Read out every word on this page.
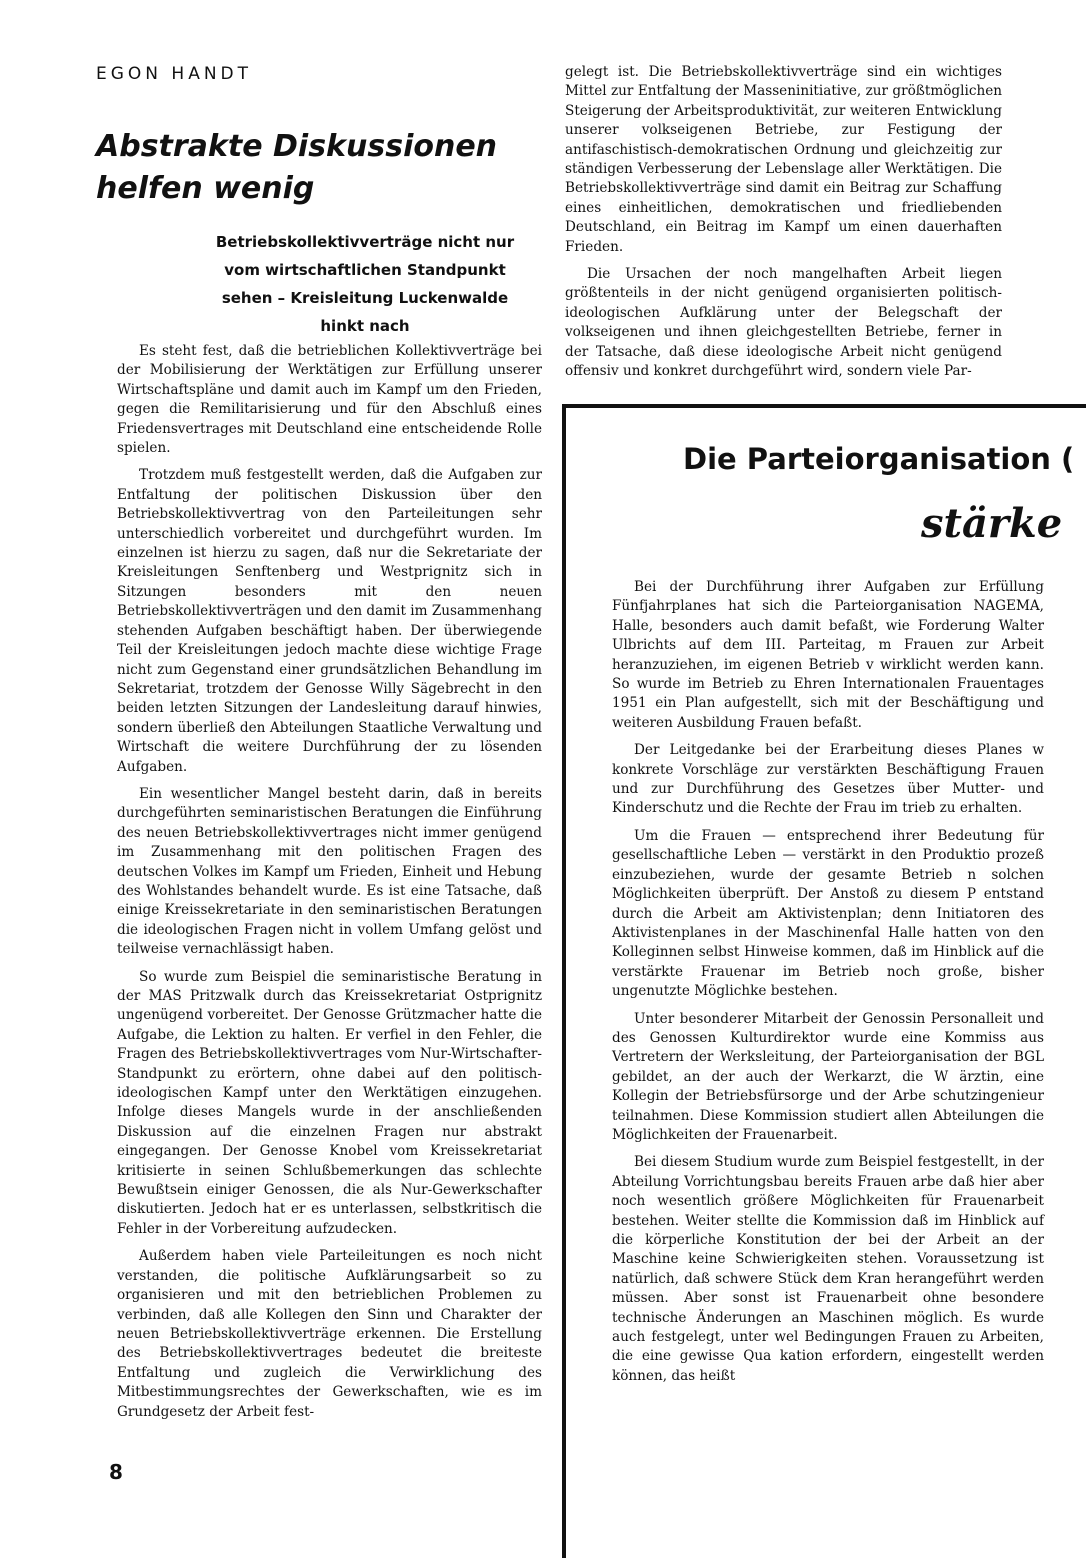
EGON HANDT
Abstrakte Diskussionen helfen wenig
Betriebskollektivverträge nicht nur vom wirtschaftlichen Standpunkt sehen – Kreisleitung Luckenwalde hinkt nach

Es steht fest, daß die betrieblichen Kollektivverträge bei der Mobilisierung der Werktätigen zur Erfüllung unserer Wirtschaftspläne und damit auch im Kampf um den Frieden, gegen die Remilitarisierung und für den Abschluß eines Friedensvertrages mit Deutschland eine entscheidende Rolle spielen.

Trotzdem muß festgestellt werden, daß die Aufgaben zur Entfaltung der politischen Diskussion über den Betriebskollektivvertrag von den Parteileitungen sehr unterschiedlich vorbereitet und durchgeführt wurden. Im einzelnen ist hierzu zu sagen, daß nur die Sekretariate der Kreisleitungen Senftenberg und Westprignitz sich in Sitzungen besonders mit den neuen Betriebskollektivverträgen und den damit im Zusammenhang stehenden Aufgaben beschäftigt haben. Der überwiegende Teil der Kreisleitungen jedoch machte diese wichtige Frage nicht zum Gegenstand einer grundsätzlichen Behandlung im Sekretariat, trotzdem der Genosse Willy Sägebrecht in den beiden letzten Sitzungen der Landesleitung darauf hinwies, sondern überließ den Abteilungen Staatliche Verwaltung und Wirtschaft die weitere Durchführung der zu lösenden Aufgaben.

Ein wesentlicher Mangel besteht darin, daß in bereits durchgeführten seminaristischen Beratungen die Einführung des neuen Betriebskollektivvertrages nicht immer genügend im Zusammenhang mit den politischen Fragen des deutschen Volkes im Kampf um Frieden, Einheit und Hebung des Wohlstandes behandelt wurde. Es ist eine Tatsache, daß einige Kreissekretariate in den seminaristischen Beratungen die ideologischen Fragen nicht in vollem Umfang gelöst und teilweise vernachlässigt haben.

So wurde zum Beispiel die seminaristische Beratung in der MAS Pritzwalk durch das Kreissekretariat Ostprignitz ungenügend vorbereitet. Der Genosse Grützmacher hatte die Aufgabe, die Lektion zu halten. Er verfiel in den Fehler, die Fragen des Betriebskollektivvertrages vom Nur-Wirtschafter-Standpunkt zu erörtern, ohne dabei auf den politisch-ideologischen Kampf unter den Werktätigen einzugehen. Infolge dieses Mangels wurde in der anschließenden Diskussion auf die einzelnen Fragen nur abstrakt eingegangen. Der Genosse Knobel vom Kreissekretariat kritisierte in seinen Schlußbemerkungen das schlechte Bewußtsein einiger Genossen, die als Nur-Gewerkschafter diskutierten. Jedoch hat er es unterlassen, selbstkritisch die Fehler in der Vorbereitung aufzudecken.

Außerdem haben viele Parteileitungen es noch nicht verstanden, die politische Aufklärungsarbeit so zu organisieren und mit den betrieblichen Problemen zu verbinden, daß alle Kollegen den Sinn und Charakter der neuen Betriebskollektivverträge erkennen. Die Erstellung des Betriebskollektivvertrages bedeutet die breiteste Entfaltung und zugleich die Verwirklichung des Mitbestimmungsrechtes der Gewerkschaften, wie es im Grundgesetz der Arbeit fest-

gelegt ist. Die Betriebskollektivverträge sind ein wichtiges Mittel zur Entfaltung der Masseninitiative, zur größtmöglichen Steigerung der Arbeitsproduktivität, zur weiteren Entwicklung unserer volkseigenen Betriebe, zur Festigung der antifaschistisch-demokratischen Ordnung und gleichzeitig zur ständigen Verbesserung der Lebenslage aller Werktätigen. Die Betriebskollektivverträge sind damit ein Beitrag zur Schaffung eines einheitlichen, demokratischen und friedliebenden Deutschland, ein Beitrag im Kampf um einen dauerhaften Frieden.

Die Ursachen der noch mangelhaften Arbeit liegen größtenteils in der nicht genügend organisierten politisch-ideologischen Aufklärung unter der Belegschaft der volkseigenen und ihnen gleichgestellten Betriebe, ferner in der Tatsache, daß diese ideologische Arbeit nicht genügend offensiv und konkret durchgeführt wird, sondern viele Par-

Die Parteiorganisation (
stärke

Bei der Durchführung ihrer Aufgaben zur Erfüllung Fünfjahrplanes hat sich die Parteiorganisation NAGEMA, Halle, besonders auch damit befaßt, wie Forderung Walter Ulbrichts auf dem III. Parteitag, m Frauen zur Arbeit heranzuziehen, im eigenen Betrieb v wirklicht werden kann. So wurde im Betrieb zu Ehren Internationalen Frauentages 1951 ein Plan aufgestellt, sich mit der Beschäftigung und weiteren Ausbildung Frauen befaßt.

Der Leitgedanke bei der Erarbeitung dieses Planes w konkrete Vorschläge zur verstärkten Beschäftigung Frauen und zur Durchführung des Gesetzes über Mutter- und Kinderschutz und die Rechte der Frau im trieb zu erhalten.

Um die Frauen — entsprechend ihrer Bedeutung für gesellschaftliche Leben — verstärkt in den Produktio prozeß einzubeziehen, wurde der gesamte Betrieb n solchen Möglichkeiten überprüft. Der Anstoß zu diesem P entstand durch die Arbeit am Aktivistenplan; denn Initiatoren des Aktivistenplanes in der Maschinenfal Halle hatten von den Kolleginnen selbst Hinweise kommen, daß im Hinblick auf die verstärkte Frauenar im Betrieb noch große, bisher ungenutzte Möglichke bestehen.

Unter besonderer Mitarbeit der Genossin Personalleit und des Genossen Kulturdirektor wurde eine Kommiss aus Vertretern der Werksleitung, der Parteiorganisation der BGL gebildet, an der auch der Werkarzt, die W ärztin, eine Kollegin der Betriebsfürsorge und der Arbe schutzingenieur teilnahmen. Diese Kommission studiert allen Abteilungen die Möglichkeiten der Frauenarbeit.

Bei diesem Studium wurde zum Beispiel festgestellt, in der Abteilung Vorrichtungsbau bereits Frauen arbe daß hier aber noch wesentlich größere Möglichkeiten für Frauenarbeit bestehen. Weiter stellte die Kommission daß im Hinblick auf die körperliche Konstitution der bei der Arbeit an der Maschine keine Schwierigkeiten stehen. Voraussetzung ist natürlich, daß schwere Stück dem Kran herangeführt werden müssen. Aber sonst ist Frauenarbeit ohne besondere technische Änderungen an Maschinen möglich. Es wurde auch festgelegt, unter wel Bedingungen Frauen zu Arbeiten, die eine gewisse Qua kation erfordern, eingestellt werden können, das heißt

8
